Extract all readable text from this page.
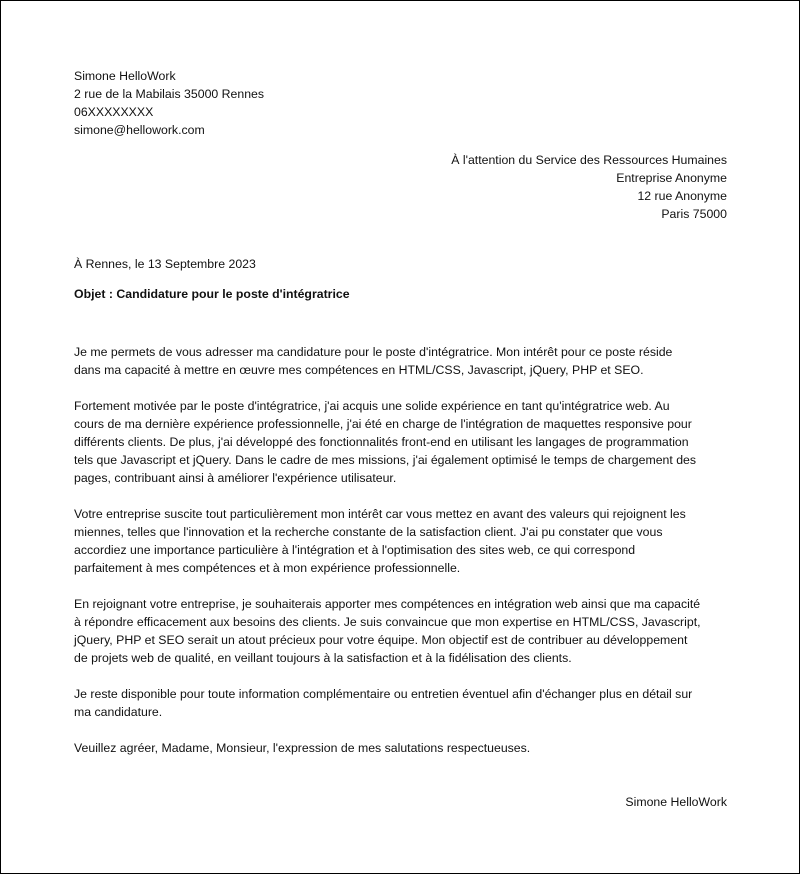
Simone HelloWork
2 rue de la Mabilais 35000 Rennes
06XXXXXXXX
simone@hellowork.com
À l'attention du Service des Ressources Humaines
Entreprise Anonyme
12 rue Anonyme
Paris 75000
À Rennes, le 13 Septembre 2023
Objet : Candidature pour le poste d'intégratrice

Je me permets de vous adresser ma candidature pour le poste d'intégratrice. Mon intérêt pour ce poste réside
dans ma capacité à mettre en œuvre mes compétences en HTML/CSS, Javascript, jQuery, PHP et SEO.

Fortement motivée par le poste d'intégratrice, j'ai acquis une solide expérience en tant qu'intégratrice web. Au
cours de ma dernière expérience professionnelle, j'ai été en charge de l'intégration de maquettes responsive pour
différents clients. De plus, j'ai développé des fonctionnalités front-end en utilisant les langages de programmation
tels que Javascript et jQuery. Dans le cadre de mes missions, j'ai également optimisé le temps de chargement des
pages, contribuant ainsi à améliorer l'expérience utilisateur.

Votre entreprise suscite tout particulièrement mon intérêt car vous mettez en avant des valeurs qui rejoignent les
miennes, telles que l'innovation et la recherche constante de la satisfaction client. J'ai pu constater que vous
accordiez une importance particulière à l'intégration et à l'optimisation des sites web, ce qui correspond
parfaitement à mes compétences et à mon expérience professionnelle.

En rejoignant votre entreprise, je souhaiterais apporter mes compétences en intégration web ainsi que ma capacité
à répondre efficacement aux besoins des clients. Je suis convaincue que mon expertise en HTML/CSS, Javascript,
jQuery, PHP et SEO serait un atout précieux pour votre équipe. Mon objectif est de contribuer au développement
de projets web de qualité, en veillant toujours à la satisfaction et à la fidélisation des clients.

Je reste disponible pour toute information complémentaire ou entretien éventuel afin d'échanger plus en détail sur
ma candidature.

Veuillez agréer, Madame, Monsieur, l'expression de mes salutations respectueuses.

Simone HelloWork
